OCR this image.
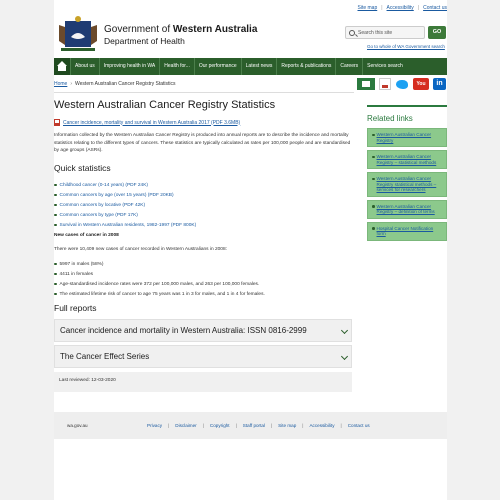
Site map | Accessibility | Contact us
Government of Western Australia
Department of Health
Search this site	GO
Go to whole of WA Government search
About us	Improving health in WA	Health for...	Our performance	Latest news	Reports & publications	Careers	Services search
Home › Western Australian Cancer Registry Statistics	You Tube
in
Western Australian Cancer Registry Statistics
Cancer incidence, mortality and survival in Western Australia 2017 (PDF 3.6MB)

Information collected by the Western Australian Cancer Registry is produced into annual reports are to describe the incidence and mortality statistics relating to the different types of cancers. These statistics are typically calculated as rates per 100,000 people and are standardised by age groups (ASRs).

Quick statistics
Childhood cancer (0-14 years) (PDF 24K)
Common cancers by age (over 15 years) (PDF 20KB)
Common cancers by locative (PDF 42K)
Common cancers by type (PDF 17K)
Survival in Western Australian residents, 1982-1997 (PDF 800K)
New cases of cancer in 2008
There were 10,409 new cases of cancer recorded in Western Australians in 2008:
5997 in males (58%)
4411 in females
Age-standardised incidence rates were 372 per 100,000 males, and 263 per 100,000 females.
The estimated lifetime risk of cancer to age 75 years was 1 in 3 for males, and 1 in 4 for females.
Full reports
Cancer incidence and mortality in Western Australia: ISSN 0816-2999
The Cancer Effect Series
Last reviewed: 12-03-2020
Related links
Western Australian Cancer Registry
Western Australian Cancer Registry – statistical methods
Western Australian Cancer Registry statistical methods – services for researchers
Western Australian Cancer Registry – definition of terms
Hospital Cancer Notification form
wa.gov.au	Privacy | Disclaimer | Copyright | Staff portal | Site map | Accessibility | Contact us
